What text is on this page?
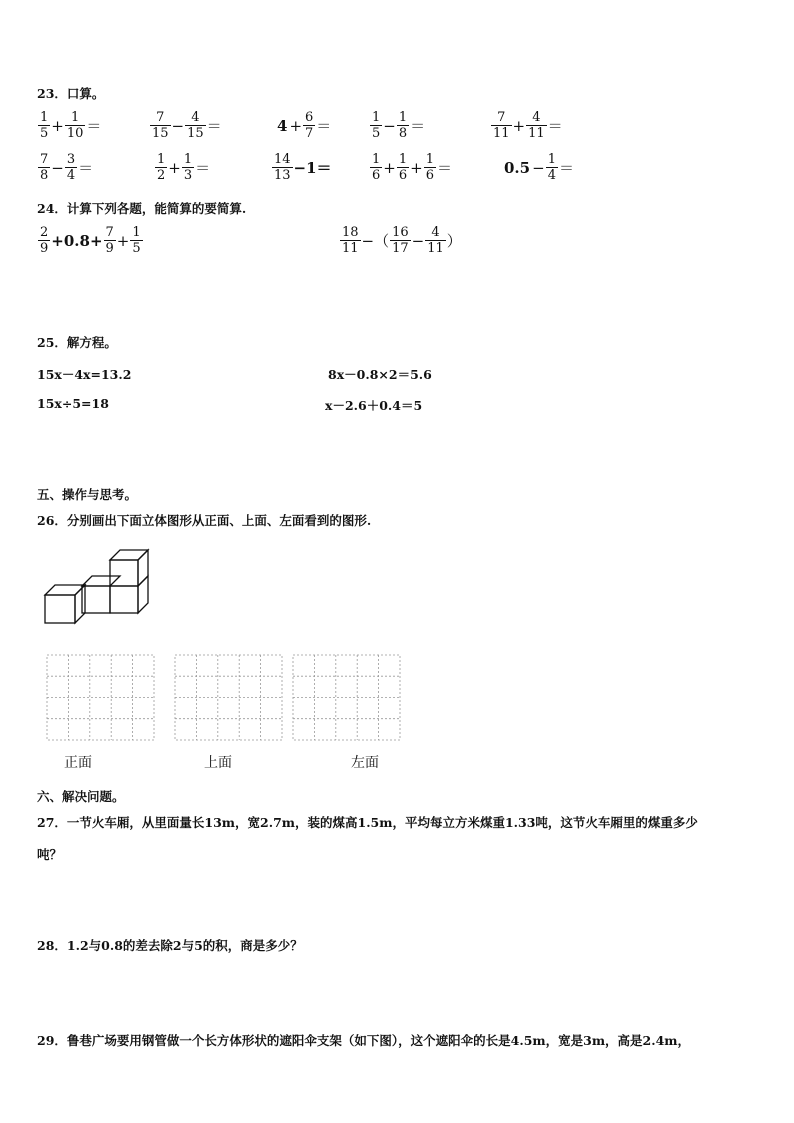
23．口算。
$\frac{1}{5} + \frac{1}{10}$ ＝	$\frac{7}{15} - \frac{4}{15}$ ＝	$4 + \frac{6}{7}$ ＝	$\frac{1}{5} - \frac{1}{8}$ ＝	$\frac{7}{11} + \frac{4}{11}$ ＝
$\frac{7}{8} - \frac{3}{4}$ ＝	$\frac{1}{2} + \frac{1}{3}$ ＝	$\frac{14}{13} -1=$	$\frac{1}{6} + \frac{1}{6} + \frac{1}{6}$ ＝	$0.5 - \frac{1}{4}$ ＝
24．计算下列各题，能简算的要简算.
$\frac{2}{9} +0.8+ \frac{7}{9} + \frac{1}{5}$	$\frac{18}{11}$ −（ $\frac{16}{17} - \frac{4}{11}$ ）
25．解方程。
15x－4x=13.2	8x－0.8×2＝5.6
15x÷5=18	x－2.6＋0.4＝5
五、操作与思考。
26．分别画出下面立体图形从正面、上面、左面看到的图形.
正面	上面	左面
六、解决问题。
27．一节火车厢，从里面量长13m，宽2.7m，装的煤高1.5m，平均每立方米煤重1.33吨，这节火车厢里的煤重多少
吨？
28．1.2与0.8的差去除2与5的积，商是多少？
29．鲁巷广场要用钢管做一个长方体形状的遮阳伞支架（如下图），这个遮阳伞的长是4.5m，宽是3m，高是2.4m，
